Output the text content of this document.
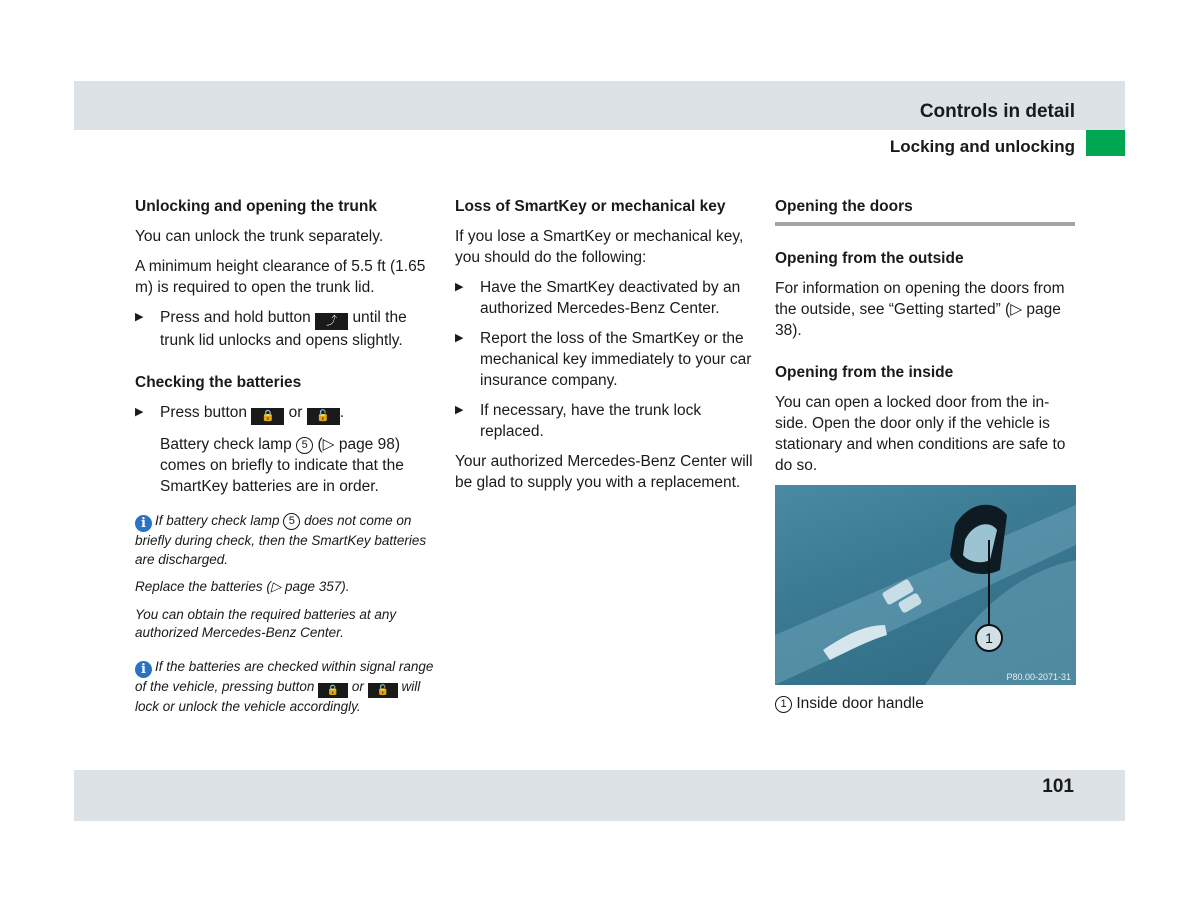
Controls in detail
Locking and unlocking
Unlocking and opening the trunk

You can unlock the trunk separately.

A minimum height clearance of 5.5 ft (1.65 m) is required to open the trunk lid.

▶ Press and hold button ⤴ until the trunk lid unlocks and opens slightly.
Checking the batteries
▶ Press button 🔒 or 🔓 .

Battery check lamp 5 (▷ page 98) comes on briefly to indicate that the SmartKey batteries are in order.

i If battery check lamp 5 does not come on briefly during check, then the SmartKey batteries are discharged.

Replace the batteries (▷ page 357).

You can obtain the required batteries at any authorized Mercedes-Benz Center.

i If the batteries are checked within signal range of the vehicle, pressing button 🔒 or 🔓 will lock or unlock the vehicle accordingly.

Loss of SmartKey or mechanical key

If you lose a SmartKey or mechanical key, you should do the following:

▶ Have the SmartKey deactivated by an authorized Mercedes-Benz Center.
▶ Report the loss of the SmartKey or the mechanical key immediately to your car insurance company.
▶ If necessary, have the trunk lock replaced.

Your authorized Mercedes-Benz Center will be glad to supply you with a replacement.

Opening the doors
Opening from the outside

For information on opening the doors from the outside, see “Getting started” (▷ page 38).

Opening from the inside

You can open a locked door from the in-side. Open the door only if the vehicle is stationary and when conditions are safe to do so.

1
P80.00-2071-31

1 Inside door handle

101
